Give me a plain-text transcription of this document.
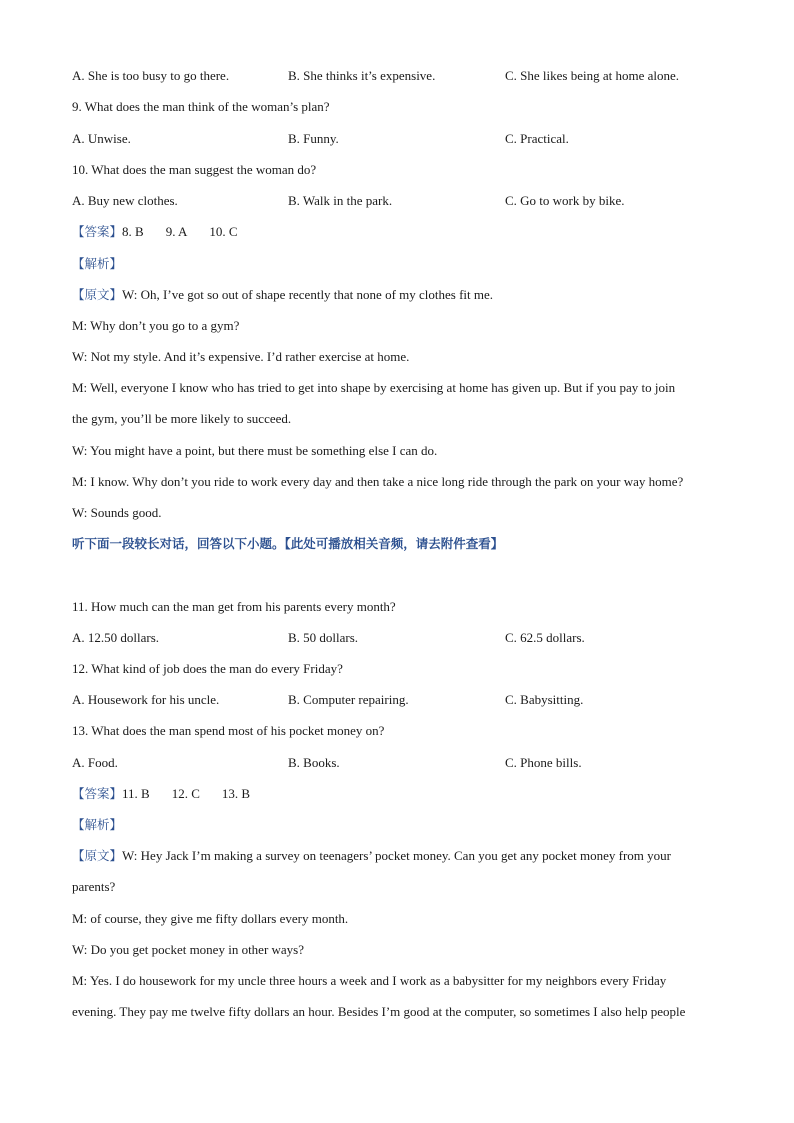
A. She is too busy to go there.	B. She thinks it’s expensive.	C. She likes being at home alone.
9. What does the man think of the woman’s plan?
A. Unwise.	B. Funny.	C. Practical.
10. What does the man suggest the woman do?
A. Buy new clothes.	B. Walk in the park.	C. Go to work by bike.
【答案】8. B 9. A 10. C
【解析】
【原文】W: Oh, I’ve got so out of shape recently that none of my clothes fit me.
M: Why don’t you go to a gym?
W: Not my style. And it’s expensive. I’d rather exercise at home.
M: Well, everyone I know who has tried to get into shape by exercising at home has given up. But if you pay to join
the gym, you’ll be more likely to succeed.
W: You might have a point, but there must be something else I can do.
M: I know. Why don’t you ride to work every day and then take a nice long ride through the park on your way home?
W: Sounds good.
听下面一段较长对话，回答以下小题。【此处可播放相关音频，请去附件查看】
11. How much can the man get from his parents every month?
A. 12.50 dollars.	B. 50 dollars.	C. 62.5 dollars.
12. What kind of job does the man do every Friday?
A. Housework for his uncle.	B. Computer repairing.	C. Babysitting.
13. What does the man spend most of his pocket money on?
A. Food.	B. Books.	C. Phone bills.
【答案】11. B 12. C 13. B
【解析】
【原文】W: Hey Jack I’m making a survey on teenagers’ pocket money. Can you get any pocket money from your
parents?
M: of course, they give me fifty dollars every month.
W: Do you get pocket money in other ways?
M: Yes. I do housework for my uncle three hours a week and I work as a babysitter for my neighbors every Friday
evening. They pay me twelve fifty dollars an hour. Besides I’m good at the computer, so sometimes I also help people
